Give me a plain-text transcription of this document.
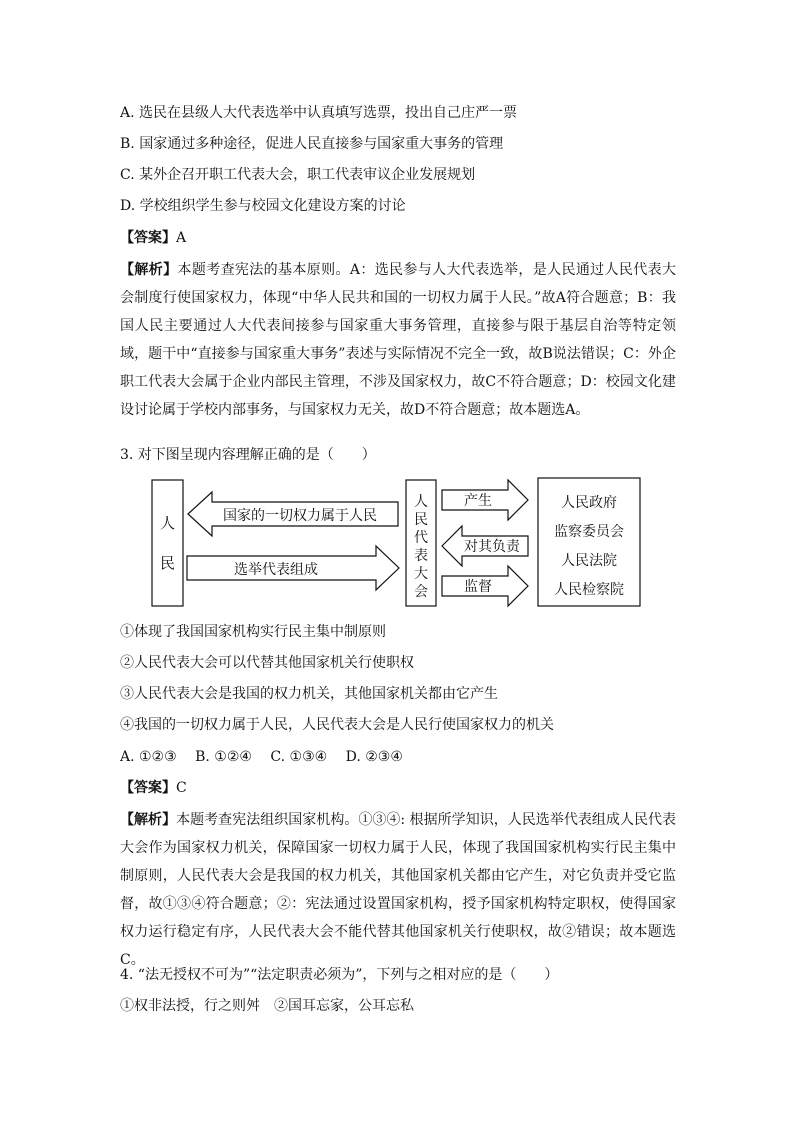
A. 选民在县级人大代表选举中认真填写选票，投出自己庄严一票
B. 国家通过多种途径，促进人民直接参与国家重大事务的管理
C. 某外企召开职工代表大会，职工代表审议企业发展规划
D. 学校组织学生参与校园文化建设方案的讨论
【答案】A
【解析】本题考查宪法的基本原则。A：选民参与人大代表选举，是人民通过人民代表大会制度行使国家权力，体现“中华人民共和国的一切权力属于人民。”故A符合题意；B：我国人民主要通过人大代表间接参与国家重大事务管理，直接参与限于基层自治等特定领域，题干中“直接参与国家重大事务”表述与实际情况不完全一致，故B说法错误；C：外企职工代表大会属于企业内部民主管理，不涉及国家权力，故C不符合题意；D：校园文化建设讨论属于学校内部事务，与国家权力无关，故D不符合题意；故本题选A。
3. 对下图呈现内容理解正确的是（　　）
人
民
国家的一切权力属于人民
选举代表组成
人
民
代
表
大
会
产生
对其负责
监督
人民政府
监察委员会
人民法院
人民检察院
①体现了我国国家机构实行民主集中制原则
②人民代表大会可以代替其他国家机关行使职权
③人民代表大会是我国的权力机关，其他国家机关都由它产生
④我国的一切权力属于人民，人民代表大会是人民行使国家权力的机关
A. ①②③　 B. ①②④　 C. ①③④　 D. ②③④
【答案】C
【解析】本题考查宪法组织国家机构。①③④: 根据所学知识，人民选举代表组成人民代表大会作为国家权力机关，保障国家一切权力属于人民，体现了我国国家机构实行民主集中制原则，人民代表大会是我国的权力机关，其他国家机关都由它产生，对它负责并受它监督，故①③④符合题意；②：宪法通过设置国家机构，授予国家机构特定职权，使得国家权力运行稳定有序，人民代表大会不能代替其他国家机关行使职权，故②错误；故本题选C。
4. “法无授权不可为”“法定职责必须为”，下列与之相对应的是（　　）
①权非法授，行之则舛　②国耳忘家，公耳忘私
